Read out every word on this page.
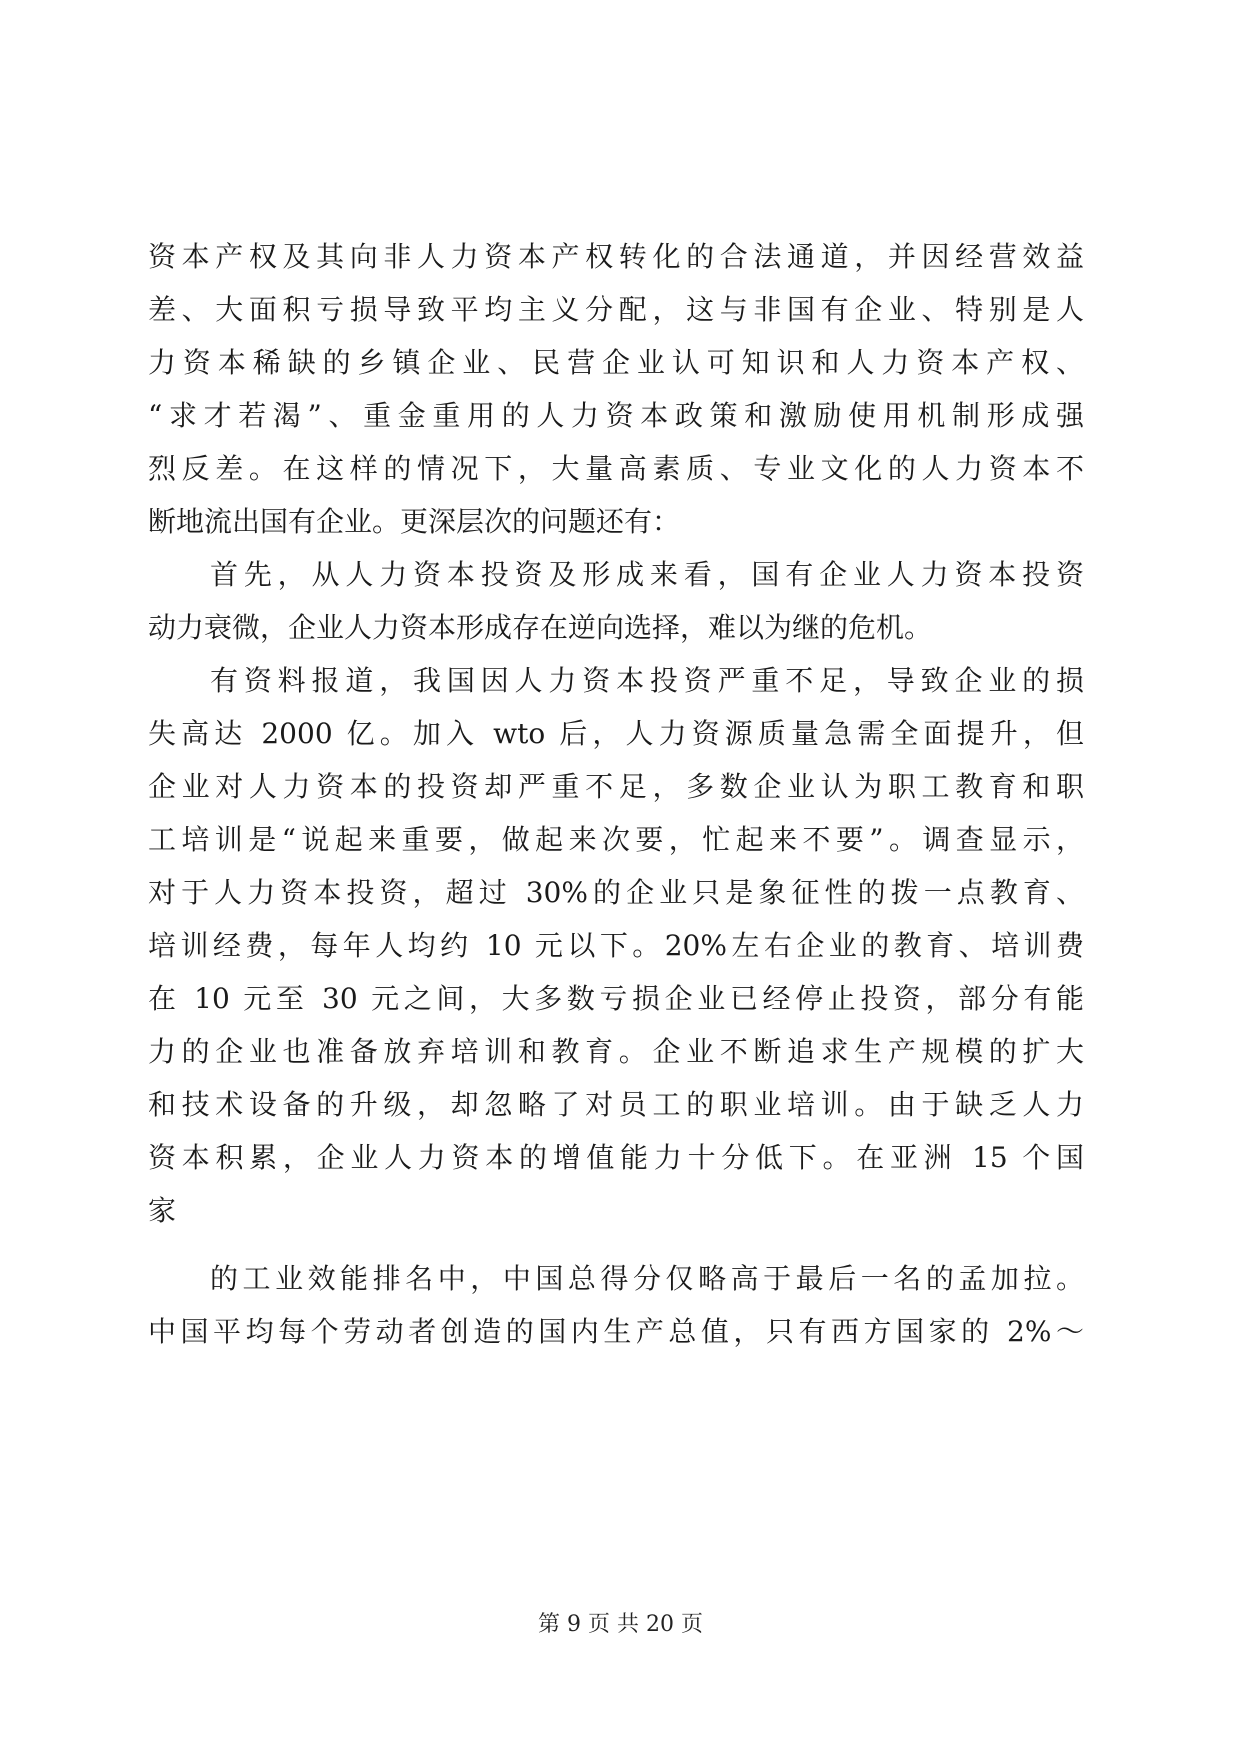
资本产权及其向非人力资本产权转化的合法通道，并因经营效益
差、大面积亏损导致平均主义分配，这与非国有企业、特别是人
力资本稀缺的乡镇企业、民营企业认可知识和人力资本产权、
“求才若渴”、重金重用的人力资本政策和激励使用机制形成强
烈反差。在这样的情况下，大量高素质、专业文化的人力资本不
断地流出国有企业。更深层次的问题还有：
首先，从人力资本投资及形成来看，国有企业人力资本投资
动力衰微，企业人力资本形成存在逆向选择，难以为继的危机。
有资料报道，我国因人力资本投资严重不足，导致企业的损
失高达 2000 亿。加入 wto 后，人力资源质量急需全面提升，但
企业对人力资本的投资却严重不足，多数企业认为职工教育和职
工培训是“说起来重要，做起来次要，忙起来不要”。调查显示，
对于人力资本投资，超过 30%的企业只是象征性的拨一点教育、
培训经费，每年人均约 10 元以下。20%左右企业的教育、培训费
在 10 元至 30 元之间，大多数亏损企业已经停止投资，部分有能
力的企业也准备放弃培训和教育。企业不断追求生产规模的扩大
和技术设备的升级，却忽略了对员工的职业培训。由于缺乏人力
资本积累，企业人力资本的增值能力十分低下。在亚洲 15 个国
家
的工业效能排名中，中国总得分仅略高于最后一名的孟加拉。
中国平均每个劳动者创造的国内生产总值，只有西方国家的 2%～
第 9 页 共 20 页
